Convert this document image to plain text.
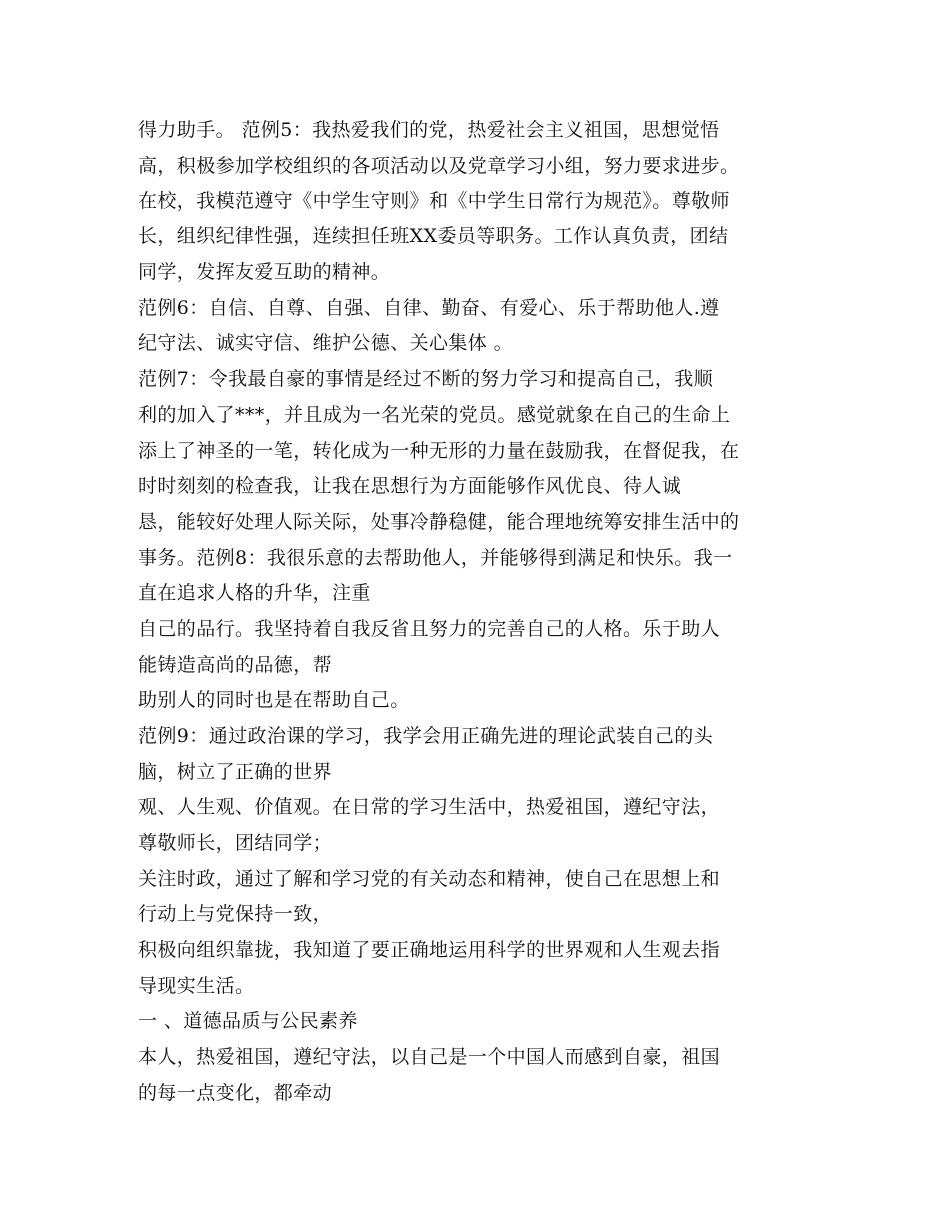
得力助手。 范例5：我热爱我们的党，热爱社会主义祖国，思想觉悟
高，积极参加学校组织的各项活动以及党章学习小组，努力要求进步。
在校，我模范遵守《中学生守则》和《中学生日常行为规范》。尊敬师
长，组织纪律性强，连续担任班XX委员等职务。工作认真负责，团结
同学，发挥友爱互助的精神。
范例6：自信、自尊、自强、自律、勤奋、有爱心、乐于帮助他人.遵
纪守法、诚实守信、维护公德、关心集体 。
范例7：令我最自豪的事情是经过不断的努力学习和提高自己，我顺
利的加入了***，并且成为一名光荣的党员。感觉就象在自己的生命上
添上了神圣的一笔，转化成为一种无形的力量在鼓励我，在督促我，在
时时刻刻的检查我，让我在思想行为方面能够作风优良、待人诚
恳，能较好处理人际关际，处事冷静稳健，能合理地统筹安排生活中的
事务。范例8：我很乐意的去帮助他人，并能够得到满足和快乐。我一
直在追求人格的升华，注重
自己的品行。我坚持着自我反省且努力的完善自己的人格。乐于助人
能铸造高尚的品德，帮
助别人的同时也是在帮助自己。
范例9：通过政治课的学习，我学会用正确先进的理论武装自己的头
脑，树立了正确的世界
观、人生观、价值观。在日常的学习生活中，热爱祖国，遵纪守法，
尊敬师长，团结同学；
关注时政，通过了解和学习党的有关动态和精神，使自己在思想上和
行动上与党保持一致，
积极向组织靠拢，我知道了要正确地运用科学的世界观和人生观去指
导现实生活。
一 、道德品质与公民素养
本人，热爱祖国，遵纪守法，以自己是一个中国人而感到自豪，祖国
的每一点变化，都牵动
